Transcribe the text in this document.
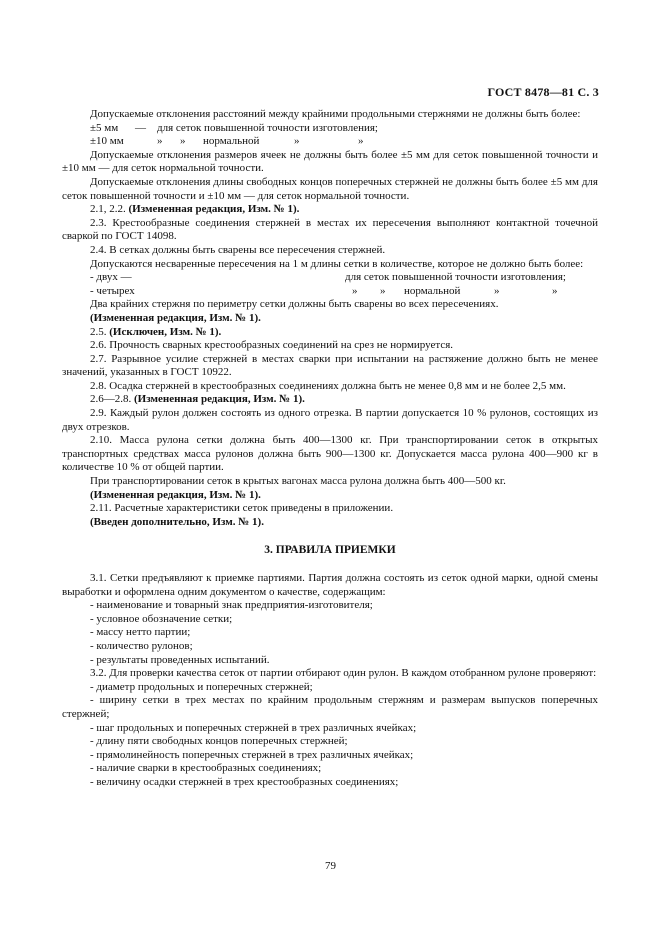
ГОСТ 8478—81 С. 3

Допускаемые отклонения расстояний между крайними продольными стержнями не должны быть более:

±5 мм — для сеток повышенной точности изготовления;
±10 мм	» » нормальной	»	»

Допускаемые отклонения размеров ячеек не должны быть более ±5 мм для сеток повышенной точности и ±10 мм — для сеток нормальной точности.

Допускаемые отклонения длины свободных концов поперечных стержней не должны быть более ±5 мм для сеток повышенной точности и ±10 мм — для сеток нормальной точности.

2.1, 2.2. (Измененная редакция, Изм. № 1).

2.3. Крестообразные соединения стержней в местах их пересечения выполняют контактной точечной сваркой по ГОСТ 14098.

2.4. В сетках должны быть сварены все пересечения стержней.

Допускаются несваренные пересечения на 1 м длины сетки в количестве, которое не должно быть более:

- двух —	для сеток повышенной точности изготовления;
- четырех	» » нормальной	»	»

Два крайних стержня по периметру сетки должны быть сварены во всех пересечениях.

(Измененная редакция, Изм. № 1).

2.5. (Исключен, Изм. № 1).

2.6. Прочность сварных крестообразных соединений на срез не нормируется.

2.7. Разрывное усилие стержней в местах сварки при испытании на растяжение должно быть не менее значений, указанных в ГОСТ 10922.

2.8. Осадка стержней в крестообразных соединениях должна быть не менее 0,8 мм и не более 2,5 мм.

2.6—2.8. (Измененная редакция, Изм. № 1).

2.9. Каждый рулон должен состоять из одного отрезка. В партии допускается 10 % рулонов, состоящих из двух отрезков.

2.10. Масса рулона сетки должна быть 400—1300 кг. При транспортировании сеток в открытых транспортных средствах масса рулонов должна быть 900—1300 кг. Допускается масса рулона 400—900 кг в количестве 10 % от общей партии.

При транспортировании сеток в крытых вагонах масса рулона должна быть 400—500 кг.

(Измененная редакция, Изм. № 1).

2.11. Расчетные характеристики сеток приведены в приложении.

(Введен дополнительно, Изм. № 1).

3. ПРАВИЛА ПРИЕМКИ

3.1. Сетки предъявляют к приемке партиями. Партия должна состоять из сеток одной марки, одной смены выработки и оформлена одним документом о качестве, содержащим:

- наименование и товарный знак предприятия-изготовителя;

- условное обозначение сетки;

- массу нетто партии;

- количество рулонов;

- результаты проведенных испытаний.

3.2. Для проверки качества сеток от партии отбирают один рулон. В каждом отобранном рулоне проверяют:

- диаметр продольных и поперечных стержней;

- ширину сетки в трех местах по крайним продольным стержням и размерам выпусков поперечных стержней;

- шаг продольных и поперечных стержней в трех различных ячейках;

- длину пяти свободных концов поперечных стержней;

- прямолинейность поперечных стержней в трех различных ячейках;

- наличие сварки в крестообразных соединениях;

- величину осадки стержней в трех крестообразных соединениях;

79
